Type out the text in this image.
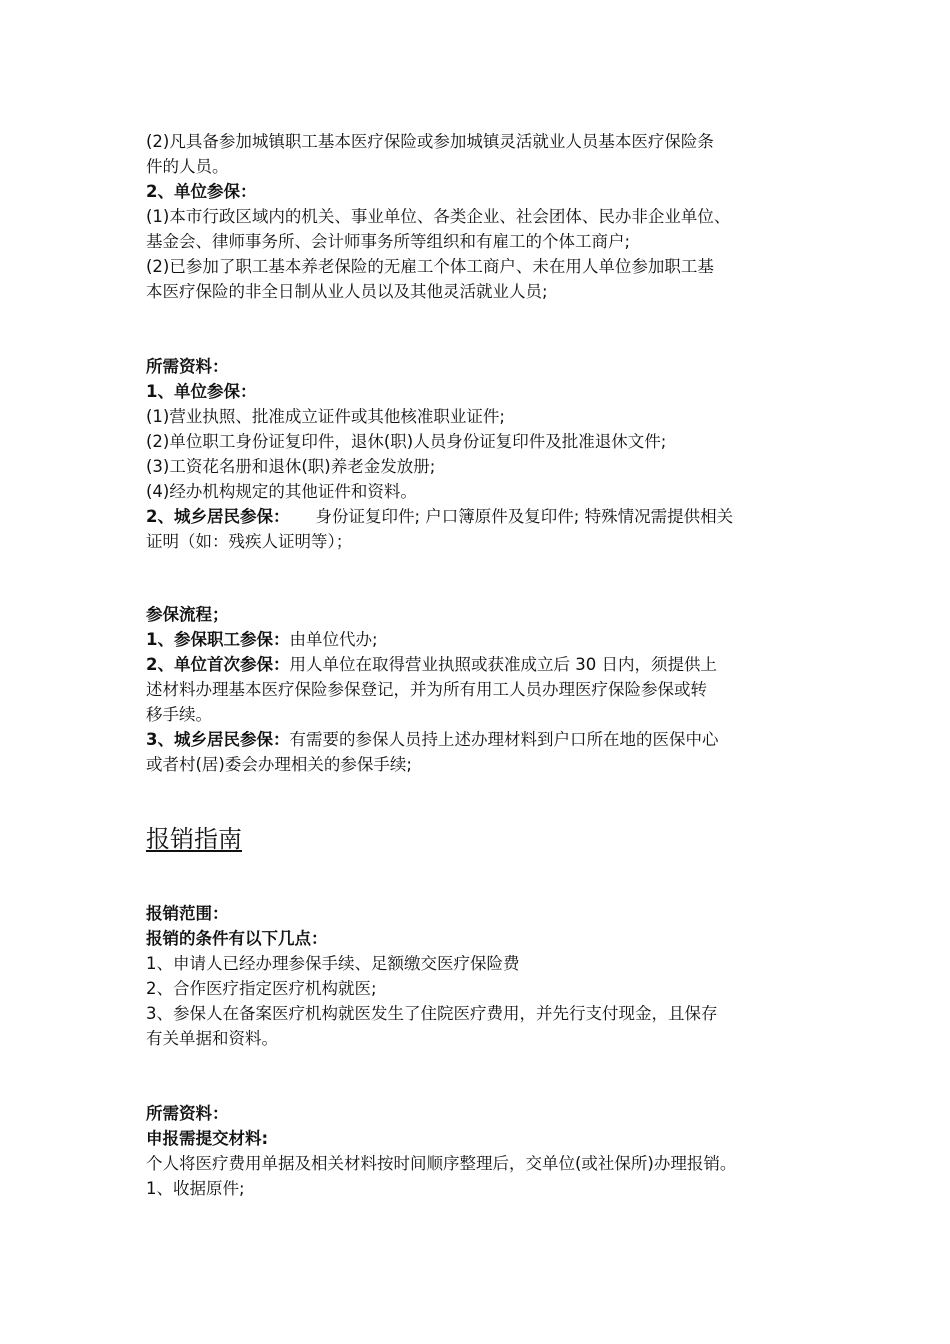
(2)凡具备参加城镇职工基本医疗保险或参加城镇灵活就业人员基本医疗保险条
件的人员。
2、单位参保：
(1)本市行政区域内的机关、事业单位、各类企业、社会团体、民办非企业单位、
基金会、律师事务所、会计师事务所等组织和有雇工的个体工商户;
(2)已参加了职工基本养老保险的无雇工个体工商户、未在用人单位参加职工基
本医疗保险的非全日制从业人员以及其他灵活就业人员;
所需资料：
1、单位参保：
(1)营业执照、批准成立证件或其他核准职业证件;
(2)单位职工身份证复印件，退休(职)人员身份证复印件及批准退休文件;
(3)工资花名册和退休(职)养老金发放册;
(4)经办机构规定的其他证件和资料。
2、城乡居民参保： 身份证复印件; 户口簿原件及复印件; 特殊情况需提供相关
证明（如：残疾人证明等）；
参保流程；
1、参保职工参保：由单位代办;
2、单位首次参保：用人单位在取得营业执照或获准成立后 30 日内，须提供上
述材料办理基本医疗保险参保登记，并为所有用工人员办理医疗保险参保或转
移手续。
3、城乡居民参保：有需要的参保人员持上述办理材料到户口所在地的医保中心
或者村(居)委会办理相关的参保手续;
报销指南
报销范围：
报销的条件有以下几点：
1、申请人已经办理参保手续、足额缴交医疗保险费
2、合作医疗指定医疗机构就医;
3、参保人在备案医疗机构就医发生了住院医疗费用，并先行支付现金，且保存
有关单据和资料。
所需资料：
申报需提交材料:
个人将医疗费用单据及相关材料按时间顺序整理后，交单位(或社保所)办理报销。
1、收据原件;
